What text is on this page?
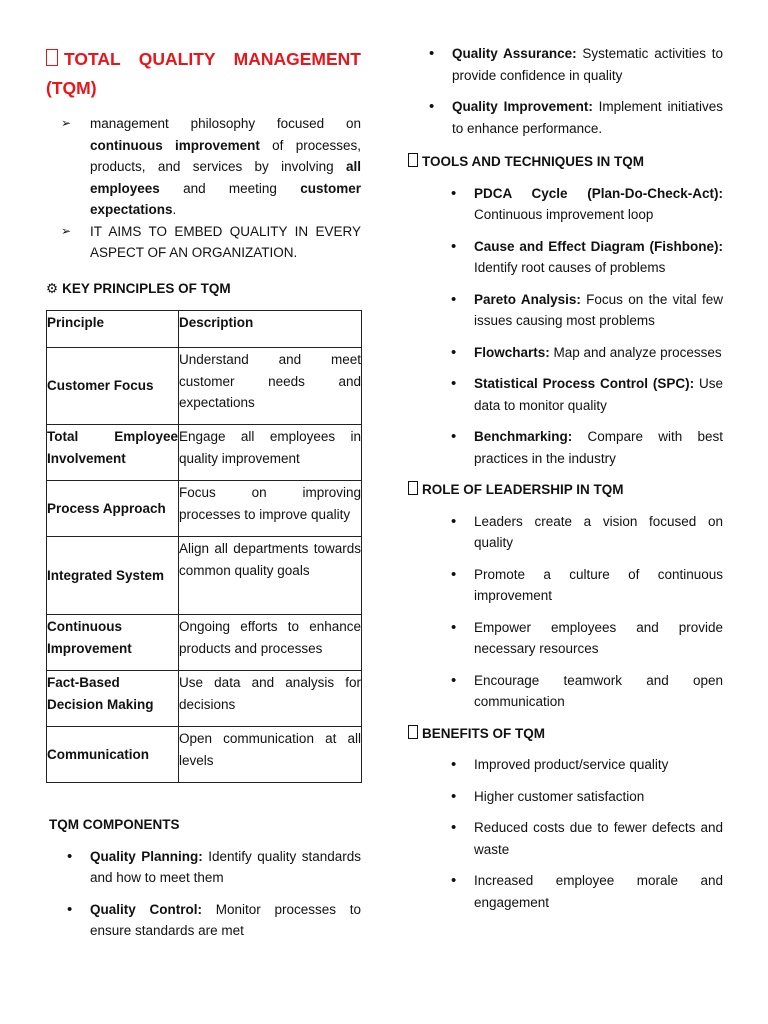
TOTAL QUALITY MANAGEMENT (TQM)
➢ management philosophy focused on continuous improvement of processes, products, and services by involving all employees and meeting customer expectations.
➢ IT AIMS TO EMBED QUALITY IN EVERY ASPECT OF AN ORGANIZATION.
⚙ KEY PRINCIPLES OF TQM
Principle	Description
Customer Focus	Understand and meet customer needs and expectations
Total Employee Involvement	Engage all employees in quality improvement
Process Approach	Focus on improving processes to improve quality
Integrated System	Align all departments towards common quality goals
Continuous Improvement	Ongoing efforts to enhance products and processes
Fact-Based Decision Making	Use data and analysis for decisions
Communication	Open communication at all levels
TQM COMPONENTS
• Quality Planning: Identify quality standards and how to meet them
• Quality Control: Monitor processes to ensure standards are met
• Quality Assurance: Systematic activities to provide confidence in quality
• Quality Improvement: Implement initiatives to enhance performance.
TOOLS AND TECHNIQUES IN TQM
• PDCA Cycle (Plan-Do-Check-Act): Continuous improvement loop
• Cause and Effect Diagram (Fishbone): Identify root causes of problems
• Pareto Analysis: Focus on the vital few issues causing most problems
• Flowcharts: Map and analyze processes
• Statistical Process Control (SPC): Use data to monitor quality
• Benchmarking: Compare with best practices in the industry
ROLE OF LEADERSHIP IN TQM
• Leaders create a vision focused on quality
• Promote a culture of continuous improvement
• Empower employees and provide necessary resources
• Encourage teamwork and open communication
BENEFITS OF TQM
• Improved product/service quality
• Higher customer satisfaction
• Reduced costs due to fewer defects and waste
• Increased employee morale and engagement
